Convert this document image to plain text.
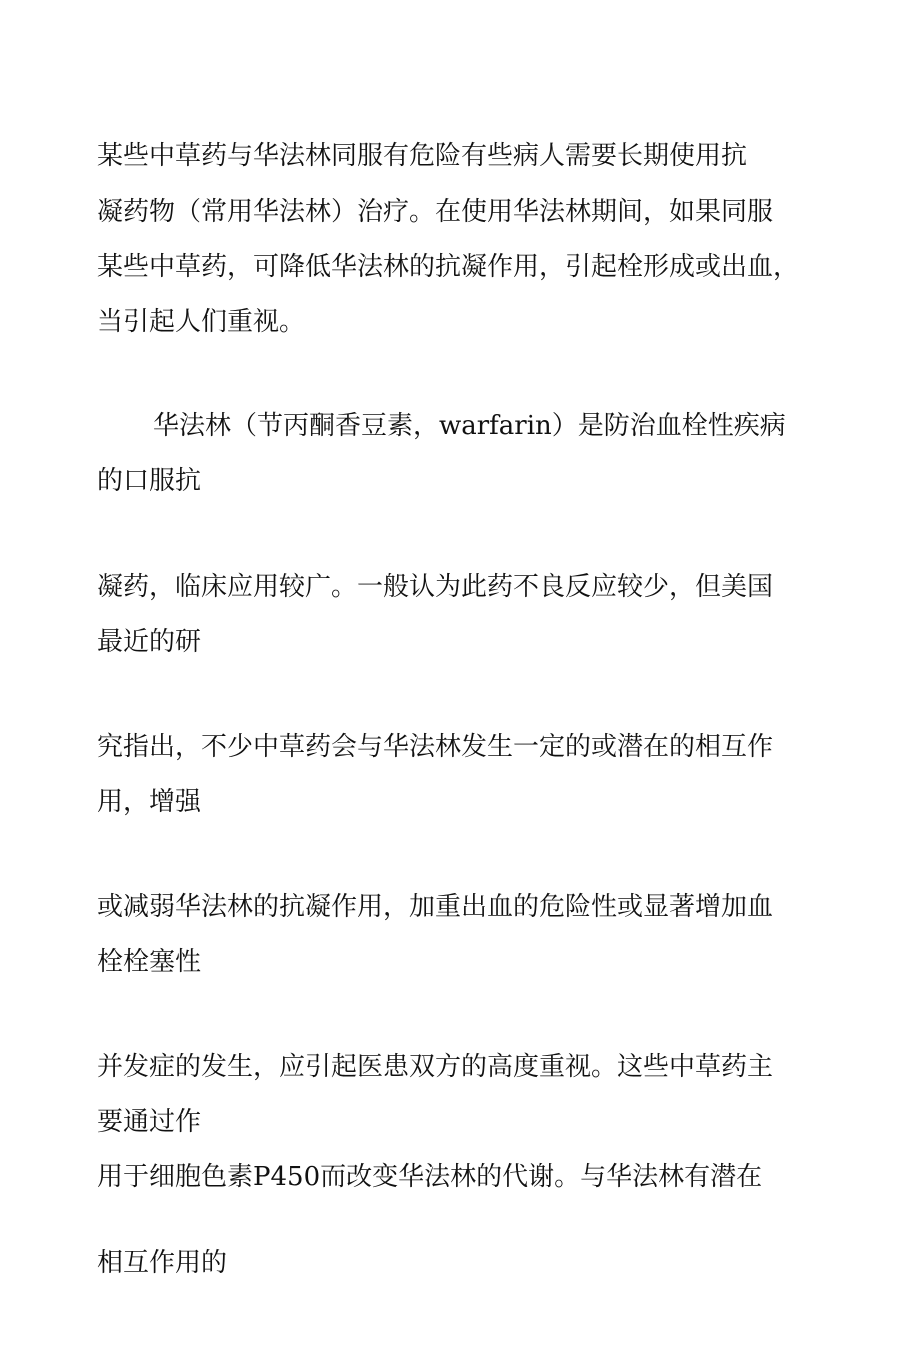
某些中草药与华法林同服有危险有些病人需要长期使用抗
凝药物（常用华法林）治疗。在使用华法林期间，如果同服
某些中草药，可降低华法林的抗凝作用，引起栓形成或出血，
当引起人们重视。
华法林（节丙酮香豆素，warfarin）是防治血栓性疾病
的口服抗
凝药，临床应用较广。一般认为此药不良反应较少，但美国
最近的研
究指出，不少中草药会与华法林发生一定的或潜在的相互作
用，增强
或减弱华法林的抗凝作用，加重出血的危险性或显著增加血
栓栓塞性
并发症的发生，应引起医患双方的高度重视。这些中草药主
要通过作
用于细胞色素P450而改变华法林的代谢。与华法林有潜在
相互作用的
